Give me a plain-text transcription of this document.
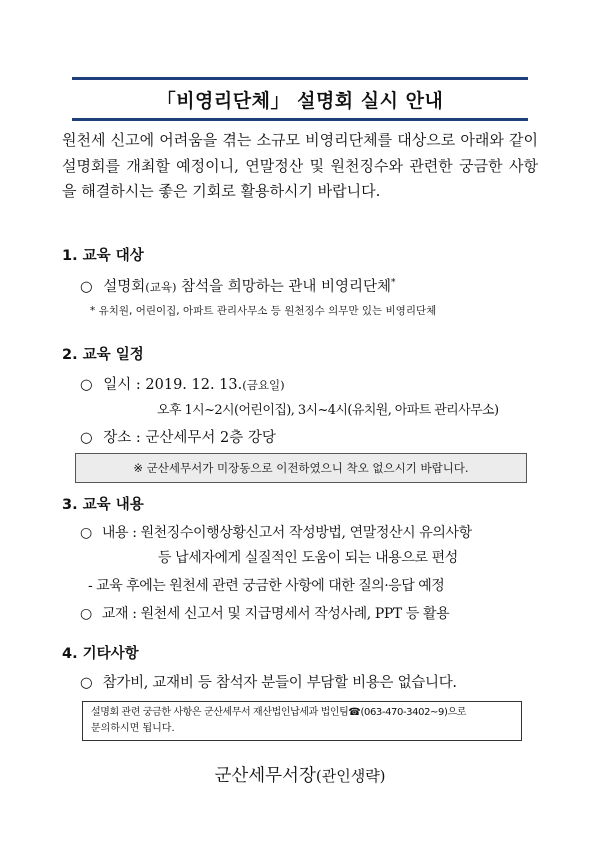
「비영리단체」 설명회 실시 안내
원천세 신고에 어려움을 겪는 소규모 비영리단체를 대상으로 아래와 같이 설명회를 개최할 예정이니, 연말정산 및 원천징수와 관련한 궁금한 사항을 해결하시는 좋은 기회로 활용하시기 바랍니다.
1. 교육 대상
○ 설명회(교육) 참석을 희망하는 관내 비영리단체*
* 유치원, 어린이집, 아파트 관리사무소 등 원천징수 의무만 있는 비영리단체
2. 교육 일정
○ 일시 : 2019. 12. 13.(금요일)
오후 1시~2시(어린이집), 3시~4시(유치원, 아파트 관리사무소)
○ 장소 : 군산세무서 2층 강당
※ 군산세무서가 미장동으로 이전하였으니 착오 없으시기 바랍니다.
3. 교육 내용
○ 내용 : 원천징수이행상황신고서 작성방법, 연말정산시 유의사항
등 납세자에게 실질적인 도움이 되는 내용으로 편성
- 교육 후에는 원천세 관련 궁금한 사항에 대한 질의·응답 예정
○ 교재 : 원천세 신고서 및 지급명세서 작성사례, PPT 등 활용
4. 기타사항
○ 참가비, 교재비 등 참석자 분들이 부담할 비용은 없습니다.
설명회 관련 궁금한 사항은 군산세무서 재산법인납세과 법인팀☎(063-470-3402~9)으로
문의하시면 됩니다.
군산세무서장(관인생략)
